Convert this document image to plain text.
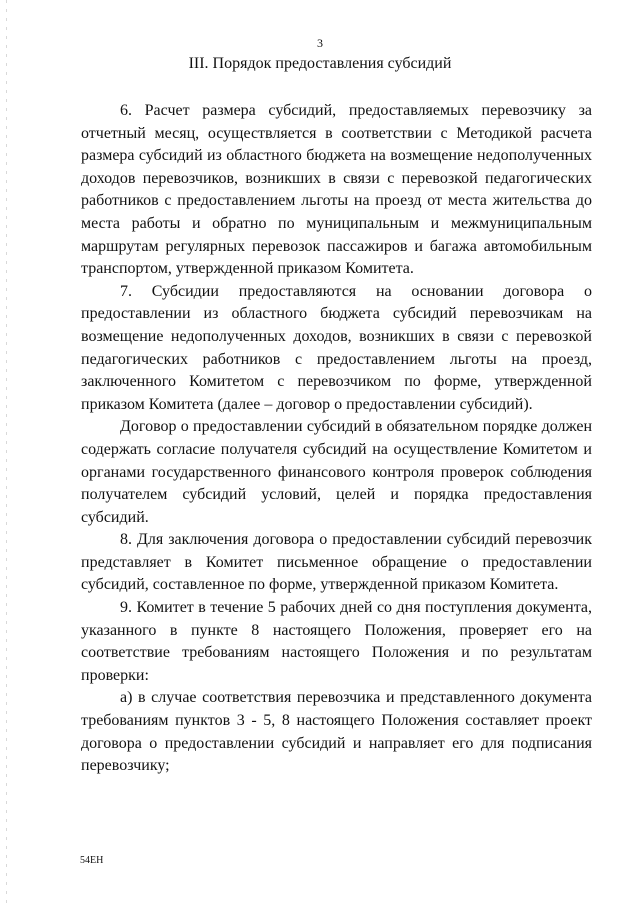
3
III. Порядок предоставления субсидий

6. Расчет размера субсидий, предоставляемых перевозчику за отчетный месяц, осуществляется в соответствии с Методикой расчета размера субсидий из областного бюджета на возмещение недополученных доходов перевозчиков, возникших в связи с перевозкой педагогических работников с предоставлением льготы на проезд от места жительства до места работы и обратно по муниципальным и межмуниципальным маршрутам регулярных перевозок пассажиров и багажа автомобильным транспортом, утвержденной приказом Комитета.

7. Субсидии предоставляются на основании договора о предоставлении из областного бюджета субсидий перевозчикам на возмещение недополученных доходов, возникших в связи с перевозкой педагогических работников с предоставлением льготы на проезд, заключенного Комитетом с перевозчиком по форме, утвержденной приказом Комитета (далее – договор о предоставлении субсидий).

Договор о предоставлении субсидий в обязательном порядке должен содержать согласие получателя субсидий на осуществление Комитетом и органами государственного финансового контроля проверок соблюдения получателем субсидий условий, целей и порядка предоставления субсидий.

8. Для заключения договора о предоставлении субсидий перевозчик представляет в Комитет письменное обращение о предоставлении субсидий, составленное по форме, утвержденной приказом Комитета.

9. Комитет в течение 5 рабочих дней со дня поступления документа, указанного в пункте 8 настоящего Положения, проверяет его на соответствие требованиям настоящего Положения и по результатам проверки:

а) в случае соответствия перевозчика и представленного документа требованиям пунктов 3 - 5, 8 настоящего Положения составляет проект договора о предоставлении субсидий и направляет его для подписания перевозчику;

54ЕН
